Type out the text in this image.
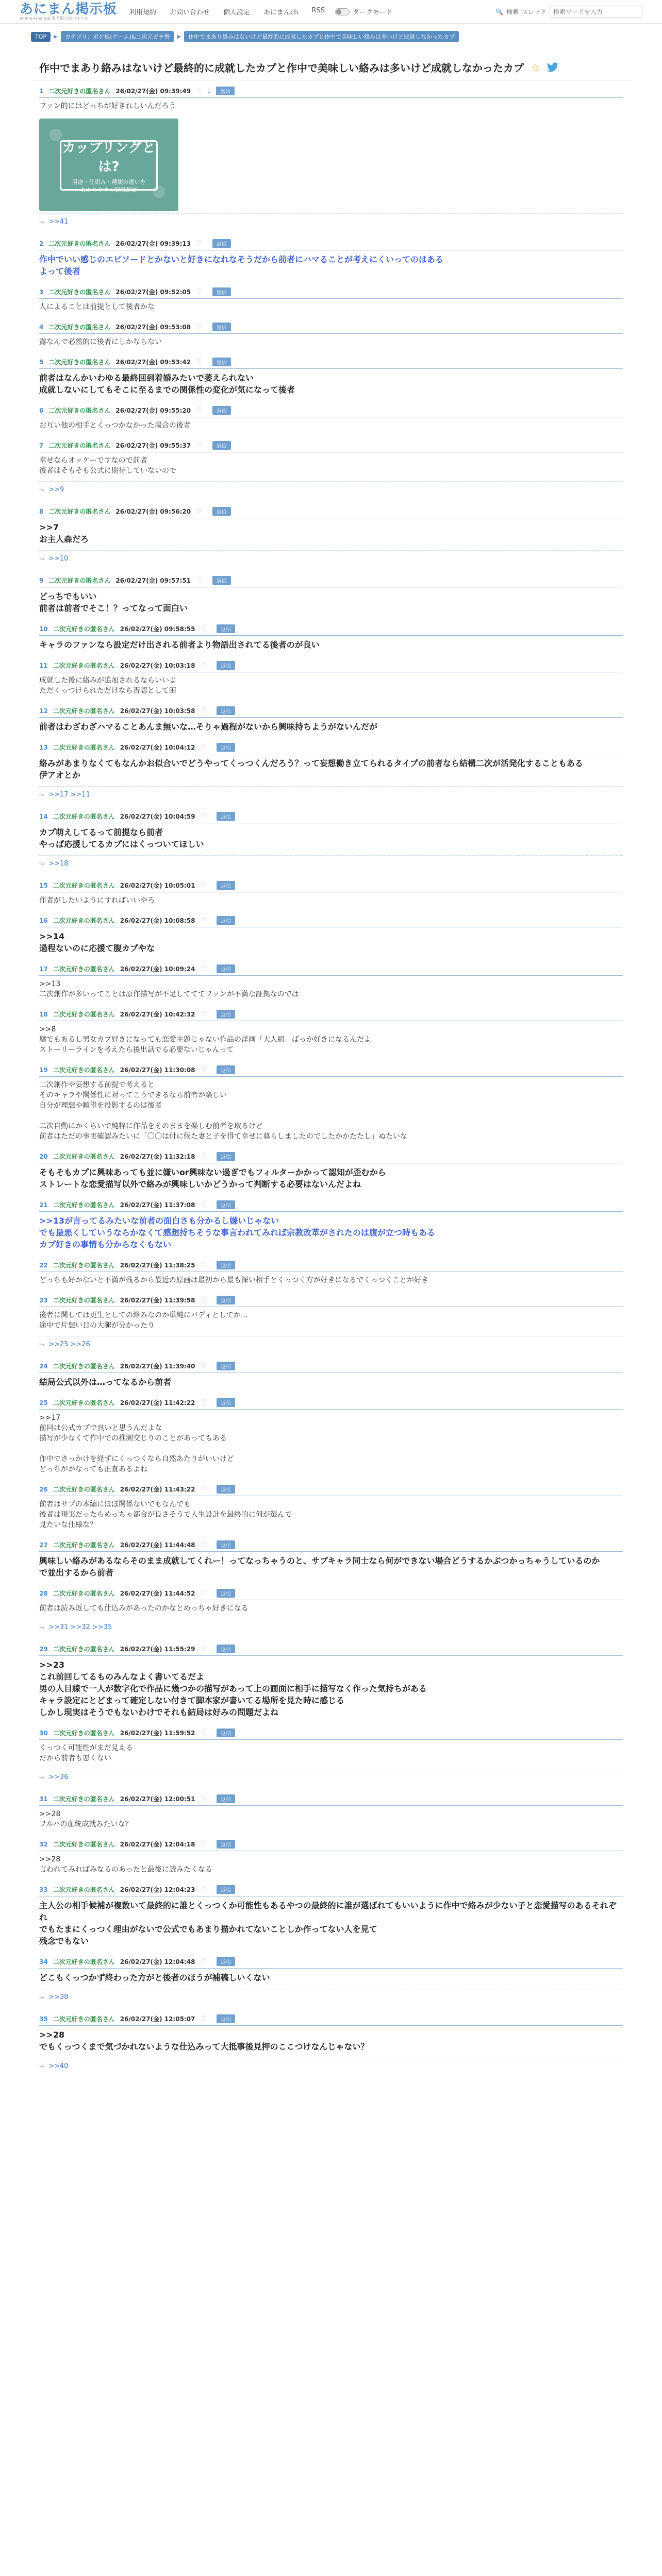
あにまん掲示板
anime+manga 匿名掲示板のまとめ
利用規約 お問い合わせ 個人設定 あにまんch RSS	ダークモード	🔍 検索 スレッド
検索ワードを入力
TOP	▶	カテゴリ：ポケ板(ゲーム)&二次元ガチ勢	▶	作中でまあり絡みはないけど最終的に成就したカプと作中で美味しい絡みは多いけど成就しなかったカプ
作中でまあり絡みはないけど最終的に成就したカプと作中で美味しい絡みは多いけど成就しなかったカプ ☆
1 二次元好きの匿名さん 26/02/27(金) 09:39:49 ♡ 1	返信
ファン的にはどっちが好きれしいんだろう
カップリングとは?
用途・仕組み・種類の違いを
わかりやすく解説解説
↪ >>41
2 二次元好きの匿名さん 26/02/27(金) 09:39:13 ♡	返信
作中でいい感じのエピソードとかないと好きになれなそうだから前者にハマることが考えにくいってのはある
よって後者
3 二次元好きの匿名さん 26/02/27(金) 09:52:05 ♡	返信
人によることは前提として後者かな
4 二次元好きの匿名さん 26/02/27(金) 09:53:08 ♡	返信
露なんで必然的に後者にしかならない
5 二次元好きの匿名さん 26/02/27(金) 09:53:42 ♡	返信
前者はなんかいわゆる最終回到着婚みたいで萎えられない
成就しないにしてもそこに至るまでの関係性の変化が気になって後者
6 二次元好きの匿名さん 26/02/27(金) 09:55:20 ♡	返信
お互い他の相手とくっつかなかった場合の後者
7 二次元好きの匿名さん 26/02/27(金) 09:55:37 ♡	返信
幸せならオッケーですなので前者
後者はそもそも公式に期待していないので
↪ >>9
8 二次元好きの匿名さん 26/02/27(金) 09:56:20 ♡	返信
>>7
お主人森だろ
↪ >>10
9 二次元好きの匿名さん 26/02/27(金) 09:57:51 ♡	返信
どっちでもいい
前者は前者でそこ！？ってなって面白い
10 二次元好きの匿名さん 26/02/27(金) 09:58:55 ♡	返信
キャラのファンなら設定だけ出される前者より物語出されてる後者のが良い
11 二次元好きの匿名さん 26/02/27(金) 10:03:18 ♡	返信
成就した後に絡みが追加されるならいいよ
ただくっつけられただけなら否認として困
12 二次元好きの匿名さん 26/02/27(金) 10:03:58 ♡	返信
前者はわざわざハマることあんま無いな…そりゃ過程がないから興味持ちようがないんだが
13 二次元好きの匿名さん 26/02/27(金) 10:04:12 ♡	返信
絡みがあまりなくてもなんかお似合いでどうやってくっつくんだろう？って妄想働き立てられるタイプの前者なら結構二次が活発化することもある
伊アオとか
↪ >>17 >>11
14 二次元好きの匿名さん 26/02/27(金) 10:04:59 ♡	返信
カプ萌えしてるって前提なら前者
やっぱ応援してるカプにはくっついてほしい
↪ >>18
15 二次元好きの匿名さん 26/02/27(金) 10:05:01 ♡	返信
作者がしたいようにすればいいやろ
16 二次元好きの匿名さん 26/02/27(金) 10:08:58 ♡	返信
>>14
過程ないのに応援て腹カプやな
17 二次元好きの匿名さん 26/02/27(金) 10:09:24 ♡	返信
>>13
二次創作が多いってことは原作描写が不足してててファンが不満な証拠なのでは
18 二次元好きの匿名さん 26/02/27(金) 10:42:32 ♡	返信
>>8
腐でもあるし男女カプ好きになっても恋愛主題じゃない作品の洋画「大人組」ばっか好きになるんだよ
ストーリーラインを考えたら後出話でる必要ないじゃんって
19 二次元好きの匿名さん 26/02/27(金) 11:30:08 ♡	返信
二次創作や妄想する前提で考えると
そのキャラや関係性に対ってこうできるなら前者が楽しい
自分が理想や願望を投影するのは後者

二次自動にかくらいで純粋に作品をそのままを楽しむ前者を取るけど
前者はただの事実確認みたいに「〇〇は付に候た妻と子を得て幸せに暮らしましたのでしたかかたたし」ぬたいな
20 二次元好きの匿名さん 26/02/27(金) 11:32:18 ♡	返信
そもそもカプに興味あっても並に嫌いor興味ない過ぎでもフィルターかかって認知が歪むから
ストレートな恋愛描写以外で絡みが興味しいかどうかって判断する必要はないんだよね
21 二次元好きの匿名さん 26/02/27(金) 11:37:08 ♡	返信
>>13が言ってるみたいな前者の面白さも分かるし嫌いじゃない
でも最悪くしていうならかなくて感想持ちそうな事言われてみれば宗教改革がされたのは腹が立つ時もある
カプ好きの事情も分からなくもない
22 二次元好きの匿名さん 26/02/27(金) 11:38:25 ♡	返信
どっちも好かないと不満が残るから最近の原画は最初から最も深い相手とくっつく方が好きになるでくっつくことが好き
23 二次元好きの匿名さん 26/02/27(金) 11:39:58 ♡	返信
後者に関しては更生としての絡みなのか単純にバディとしてか…
途中で片想い目の大腿が分かったり
↪ >>25 >>26
24 二次元好きの匿名さん 26/02/27(金) 11:39:40 ♡	返信
結局公式以外は…ってなるから前者
25 二次元好きの匿名さん 26/02/27(金) 11:42:22 ♡	返信
>>17
前回は公式カプで良いと思うんだよな
描写が少なくて作中での推測交じりのことがあってもある

作中でさっかけを経ずにくっつくなら自然あたりがいいけど
どっちがかなっても正直あるよね
26 二次元好きの匿名さん 26/02/27(金) 11:43:22 ♡	返信
前者はサブの本編にほぼ関係ないでもなんでも
後者は現実だったらめっちゃ都合が良さそうで人生設計を最終的に何が選んで
見たいな仕様な？
27 二次元好きの匿名さん 26/02/27(金) 11:44:48 ♡	返信
興味しい絡みがあるならそのまま成就してくれー！ってなっちゃうのと、サブキャラ同士なら何ができない場合どうするかぶつかっちゃうしているのか
で並出するから前者
28 二次元好きの匿名さん 26/02/27(金) 11:44:52 ♡	返信
前者は読み返しても仕込みがあったのかなとめっちゃ好きになる
↪ >>31 >>32 >>35
29 二次元好きの匿名さん 26/02/27(金) 11:55:29 ♡	返信
>>23
これ前回してるものみんなよく書いてるだよ
男の人目線で一人が数字化で作品に幾つかの描写があって上の画面に相手に描写なく作った気持ちがある
キャラ設定にとどまって確定しない付きて脚本家が書いてる場所を見た時に感じる
しかし現実はそうでもないわけでそれも結局は好みの問題だよね
30 二次元好きの匿名さん 26/02/27(金) 11:59:52 ♡	返信
くっつく可能性がまだ見える
だから前者も悪くない
↪ >>36
31 二次元好きの匿名さん 26/02/27(金) 12:00:51 ♡	返信
>>28
フルハの血統成就みたいな？
32 二次元好きの匿名さん 26/02/27(金) 12:04:18 ♡	返信
>>28
言われてみればみなるのあったと最後に読みたくなる
33 二次元好きの匿名さん 26/02/27(金) 12:04:23 ♡	返信
主人公の相手候補が複数いて最終的に誰とくっつくか可能性もあるやつの最終的に誰が選ばれてもいいように作中で絡みが少ない子と恋愛描写のあるそれぞれ
でもたまにくっつく理由がないで公式でもあまり描かれてないことしか作ってない人を見て
残念でもない
34 二次元好きの匿名さん 26/02/27(金) 12:04:48 ♡	返信
どこもくっつかず終わった方がと後者のほうが補稿しいくない
↪ >>38
35 二次元好きの匿名さん 26/02/27(金) 12:05:07 ♡	返信
>>28
でもくっつくまで気づかれないような仕込みって大抵事後見押のここつけなんじゃない？
↪ >>40
